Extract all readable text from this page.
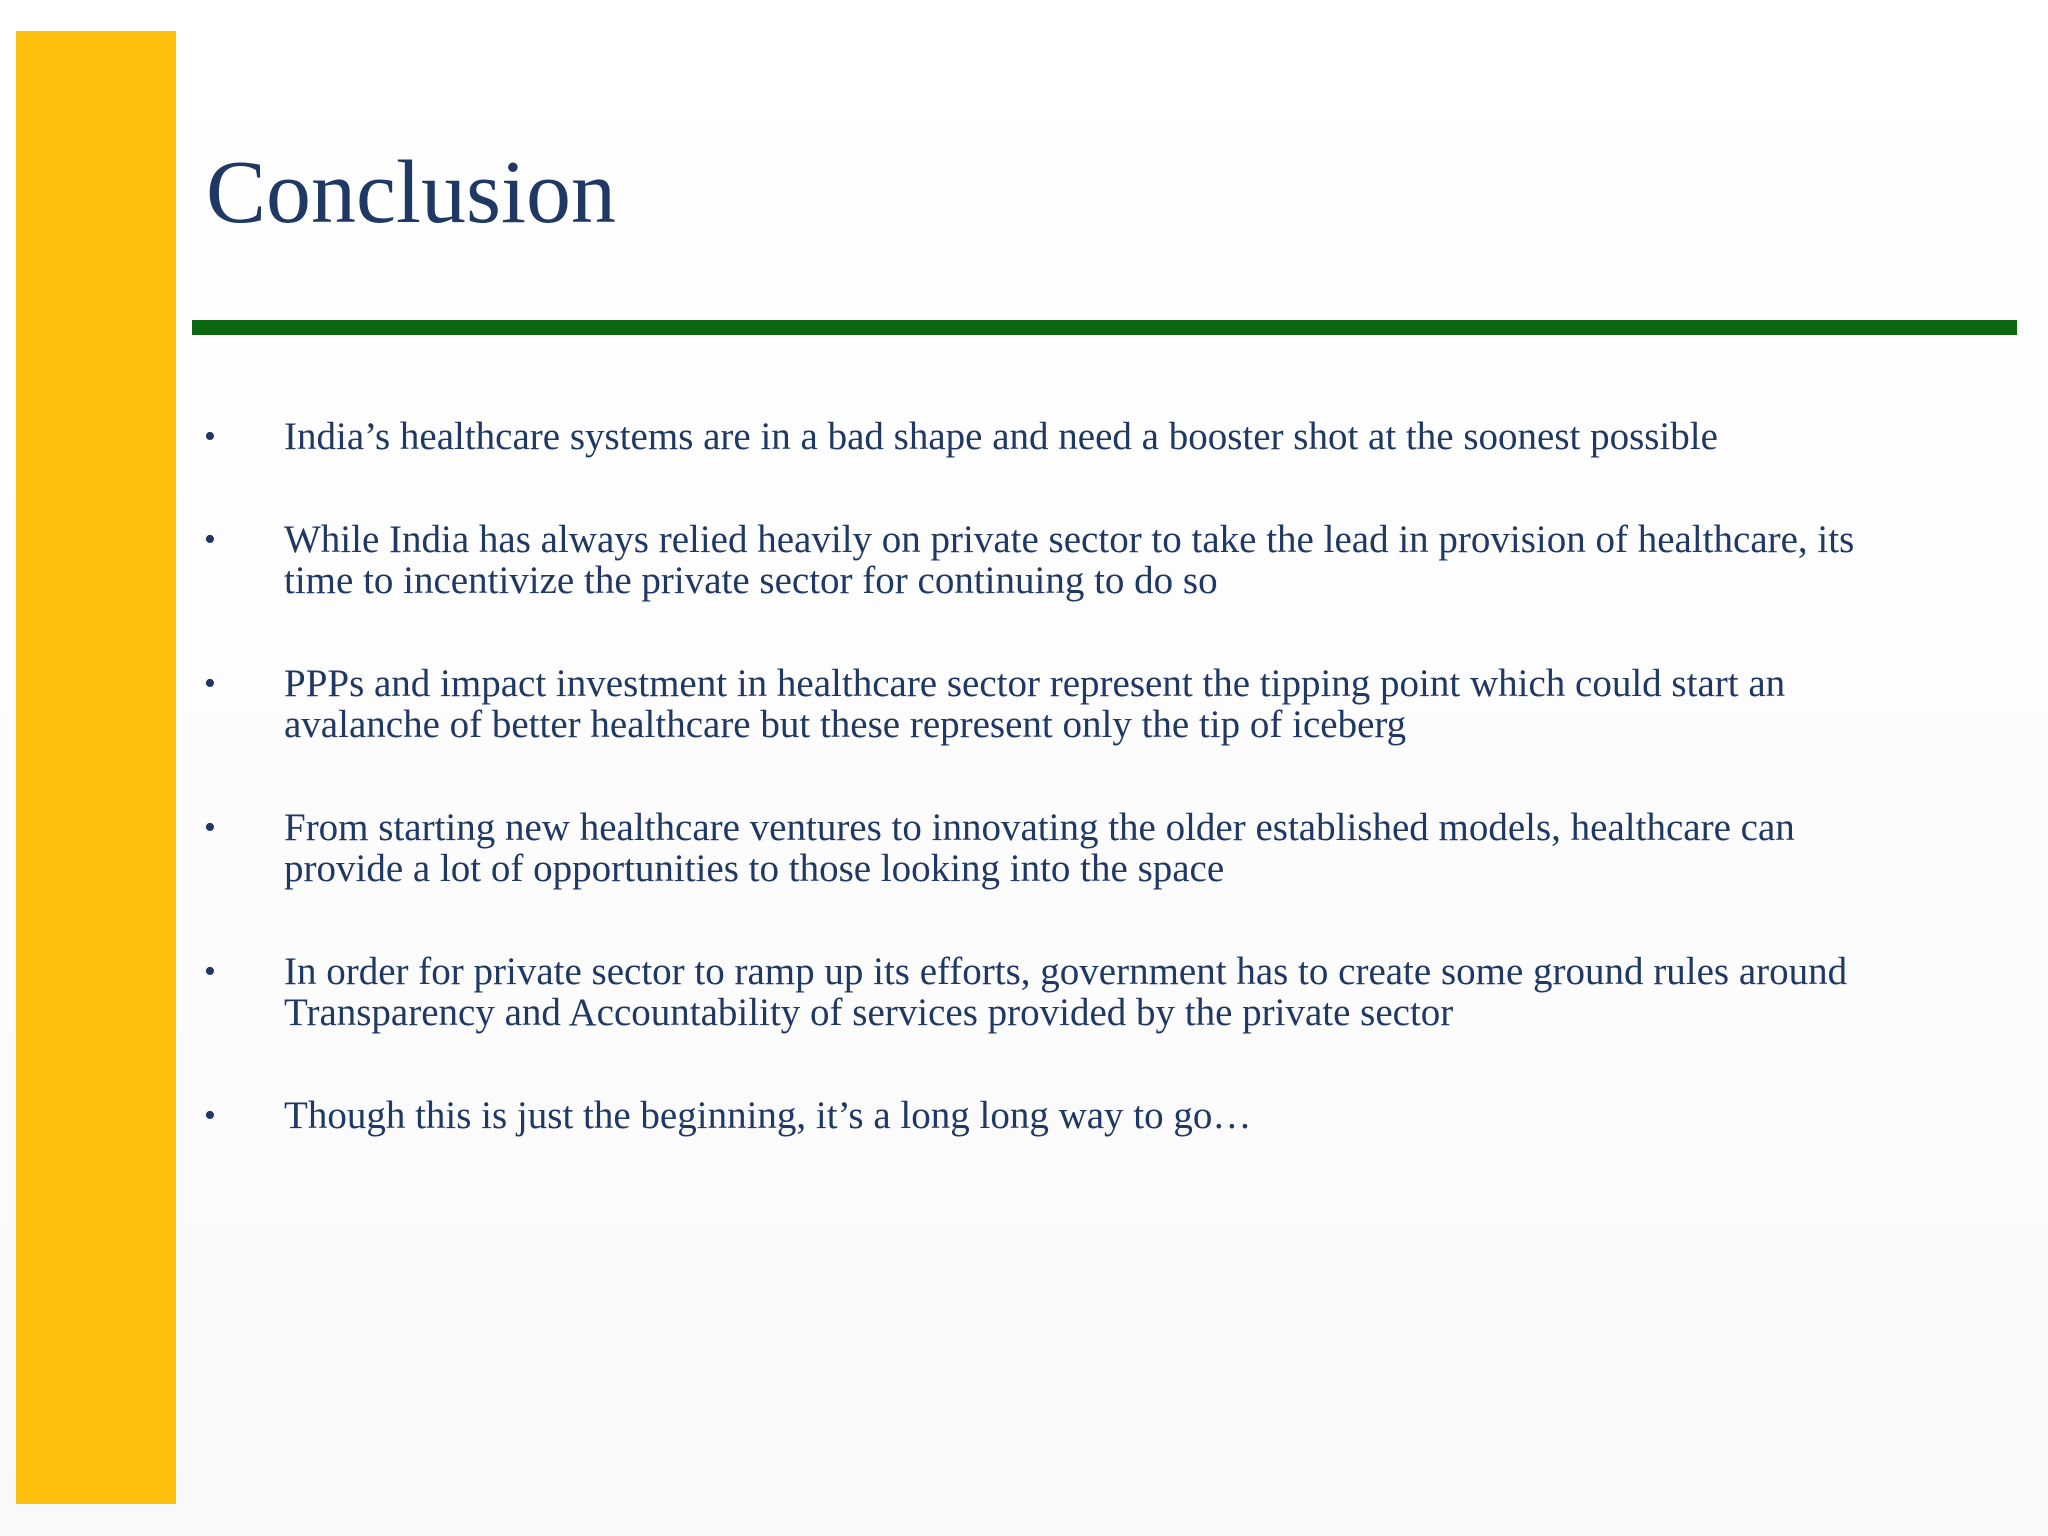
Conclusion
•	India’s healthcare systems are in a bad shape and need a booster shot at the soonest possible
•	While India has always relied heavily on private sector to take the lead in provision of healthcare, its time to incentivize the private sector for continuing to do so
•	PPPs and impact investment in healthcare sector represent the tipping point which could start an avalanche of better healthcare but these represent only the tip of iceberg
•	From starting new healthcare ventures to innovating the older established models, healthcare can provide a lot of opportunities to those looking into the space
•	In order for private sector to ramp up its efforts, government has to create some ground rules around Transparency and Accountability of services provided by the private sector
•	Though this is just the beginning, it’s a long long way to go…
